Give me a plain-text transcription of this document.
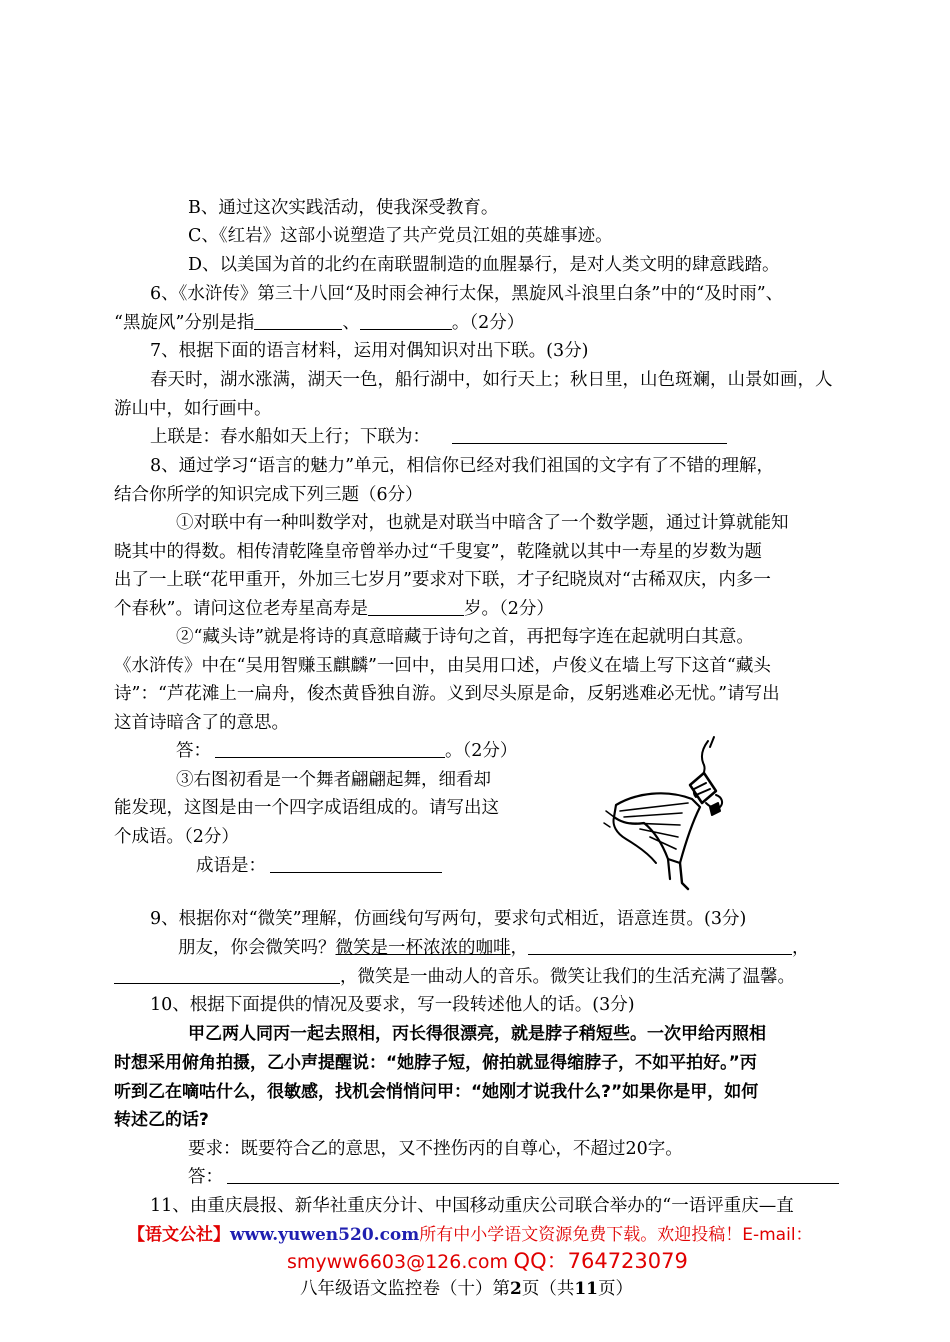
B、通过这次实践活动，使我深受教育。
C、《红岩》这部小说塑造了共产党员江姐的英雄事迹。
D、以美国为首的北约在南联盟制造的血腥暴行，是对人类文明的肆意践踏。
6、《水浒传》第三十八回“及时雨会神行太保，黑旋风斗浪里白条”中的“及时雨”、
“黑旋风”分别是指	、	。（2分）
7、根据下面的语言材料，运用对偶知识对出下联。(3分)
春天时，湖水涨满，湖天一色，船行湖中，如行天上；秋日里，山色斑斓，山景如画，人
游山中，如行画中。
上联是：春水船如天上行；下联为：
8、通过学习“语言的魅力”单元，相信你已经对我们祖国的文字有了不错的理解，
结合你所学的知识完成下列三题（6分）
①对联中有一种叫数学对，也就是对联当中暗含了一个数学题，通过计算就能知
晓其中的得数。相传清乾隆皇帝曾举办过“千叟宴”，乾隆就以其中一寿星的岁数为题
出了一上联“花甲重开，外加三七岁月”要求对下联，才子纪晓岚对“古稀双庆，内多一
个春秋”。请问这位老寿星高寿是	岁。（2分）
②“藏头诗”就是将诗的真意暗藏于诗句之首，再把每字连在起就明白其意。
《水浒传》中在“吴用智赚玉麒麟”一回中，由吴用口述，卢俊义在墙上写下这首“藏头
诗”：“芦花滩上一扁舟，俊杰黄昏独自游。义到尽头原是命，反躬逃难必无忧。”请写出
这首诗暗含了的意思。
答：	。（2分）
③右图初看是一个舞者翩翩起舞，细看却
能发现，这图是由一个四字成语组成的。请写出这
个成语。（2分）
成语是：
9、根据你对“微笑”理解，仿画线句写两句，要求句式相近，语意连贯。(3分)
朋友，你会微笑吗？微笑是一杯浓浓的咖啡，	，
，微笑是一曲动人的音乐。微笑让我们的生活充满了温馨。
10、根据下面提供的情况及要求，写一段转述他人的话。(3分)
甲乙两人同丙一起去照相，丙长得很漂亮，就是脖子稍短些。一次甲给丙照相
时想采用俯角拍摄，乙小声提醒说：“她脖子短，俯拍就显得缩脖子，不如平拍好。”丙
听到乙在嘀咕什么，很敏感，找机会悄悄问甲：“她刚才说我什么?”如果你是甲，如何
转述乙的话?
要求：既要符合乙的意思，又不挫伤丙的自尊心，不超过20字。
答：
11、由重庆晨报、新华社重庆分计、中国移动重庆公司联合举办的“一语评重庆—直
【语文公社】www.yuwen520.com所有中小学语文资源免费下载。欢迎投稿！E-mail：
smyww6603@126.com QQ：764723079
八年级语文监控卷（十）第2页（共11页）
